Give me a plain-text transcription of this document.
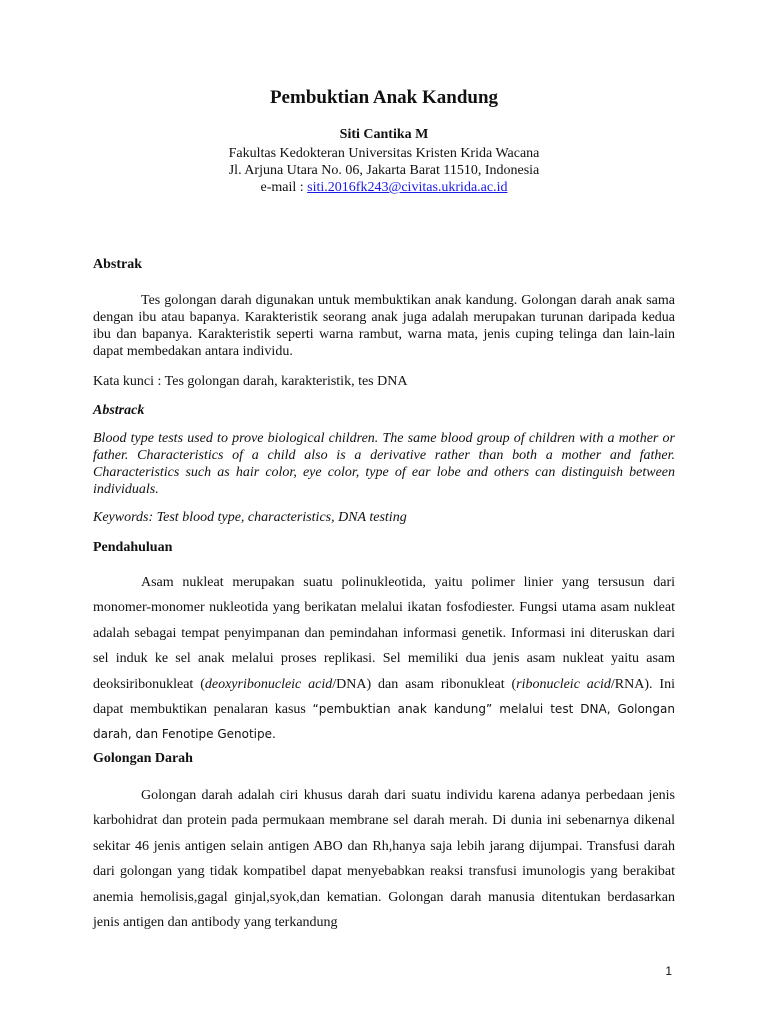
Pembuktian Anak Kandung
Siti Cantika M
Fakultas Kedokteran Universitas Kristen Krida Wacana
Jl. Arjuna Utara No. 06, Jakarta Barat 11510, Indonesia
e-mail : siti.2016fk243@civitas.ukrida.ac.id
Abstrak

Tes golongan darah digunakan untuk membuktikan anak kandung. Golongan darah anak sama dengan ibu atau bapanya. Karakteristik seorang anak juga adalah merupakan turunan daripada kedua ibu dan bapanya. Karakteristik seperti warna rambut, warna mata, jenis cuping telinga dan lain-lain dapat membedakan antara individu.

Kata kunci : Tes golongan darah, karakteristik, tes DNA

Abstrack

Blood type tests used to prove biological children. The same blood group of children with a mother or father. Characteristics of a child also is a derivative rather than both a mother and father. Characteristics such as hair color, eye color, type of ear lobe and others can distinguish between individuals.

Keywords: Test blood type, characteristics, DNA testing

Pendahuluan

Asam nukleat merupakan suatu polinukleotida, yaitu polimer linier yang tersusun dari monomer-monomer nukleotida yang berikatan melalui ikatan fosfodiester. Fungsi utama asam nukleat adalah sebagai tempat penyimpanan dan pemindahan informasi genetik. Informasi ini diteruskan dari sel induk ke sel anak melalui proses replikasi. Sel memiliki dua jenis asam nukleat yaitu asam deoksiribonukleat (deoxyribonucleic acid/DNA) dan asam ribonukleat (ribonucleic acid/RNA). Ini dapat membuktikan penalaran kasus “pembuktian anak kandung” melalui test DNA, Golongan darah, dan Fenotipe Genotipe.

Golongan Darah

Golongan darah adalah ciri khusus darah dari suatu individu karena adanya perbedaan jenis karbohidrat dan protein pada permukaan membrane sel darah merah. Di dunia ini sebenarnya dikenal sekitar 46 jenis antigen selain antigen ABO dan Rh,hanya saja lebih jarang dijumpai. Transfusi darah dari golongan yang tidak kompatibel dapat menyebabkan reaksi transfusi imunologis yang berakibat anemia hemolisis,gagal ginjal,syok,dan kematian. Golongan darah manusia ditentukan berdasarkan jenis antigen dan antibody yang terkandung

1
